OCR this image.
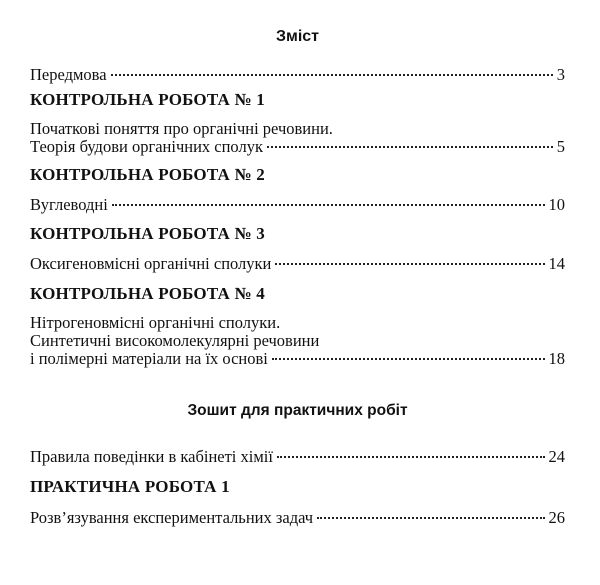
Зміст
Передмова	3
КОНТРОЛЬНА РОБОТА № 1
Початкові поняття про органічні речовини.
Теорія будови органічних сполук	5
КОНТРОЛЬНА РОБОТА № 2
Вуглеводні	10
КОНТРОЛЬНА РОБОТА № 3
Оксигеновмісні органічні сполуки	14
КОНТРОЛЬНА РОБОТА № 4
Нітрогеновмісні органічні сполуки.
Синтетичні високомолекулярні речовини
і полімерні матеріали на їх основі	18
Зошит для практичних робіт
Правила поведінки в кабінеті хімії	24
ПРАКТИЧНА РОБОТА 1
Розв’язування експериментальних задач	26
